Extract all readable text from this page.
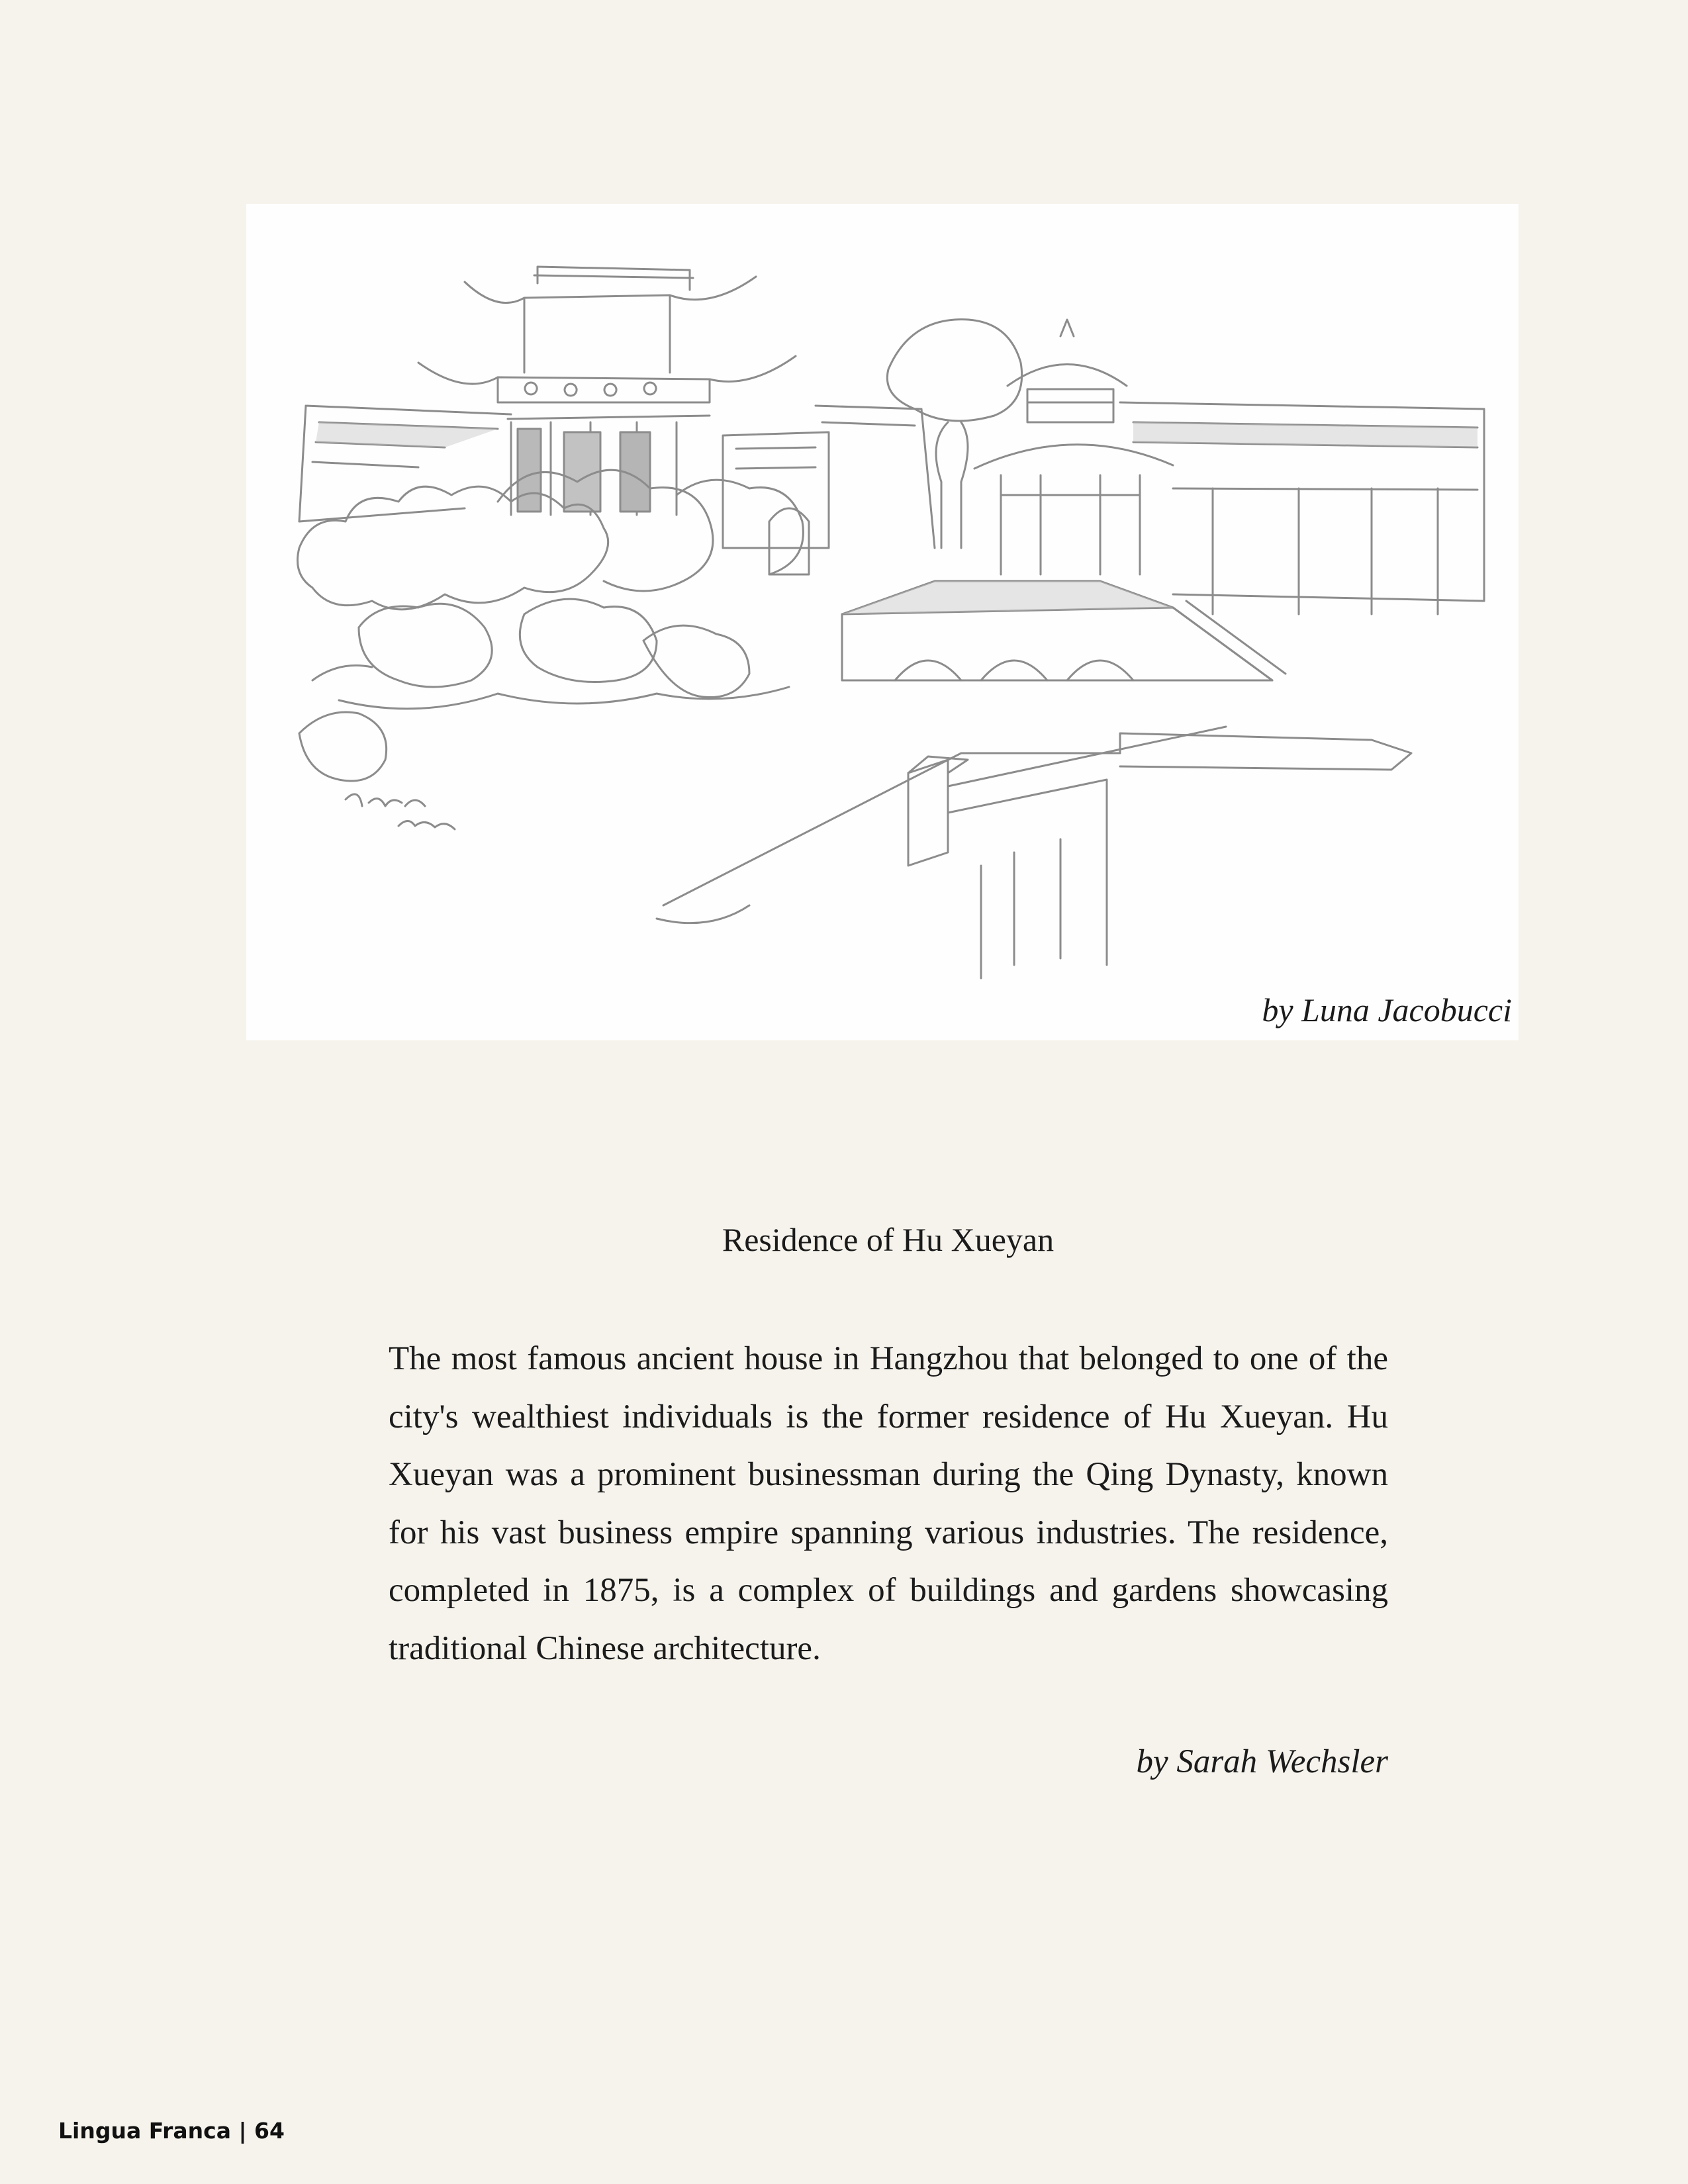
by Luna Jacobucci
Residence of Hu Xueyan

The most famous ancient house in Hangzhou that belonged to one of the city's wealthiest individuals is the former residence of Hu Xueyan. Hu Xueyan was a prominent businessman during the Qing Dynasty, known for his vast business empire spanning various industries. The residence, completed in 1875, is a complex of buildings and gardens showcasing traditional Chinese architecture.

by Sarah Wechsler
Lingua Franca | 64
